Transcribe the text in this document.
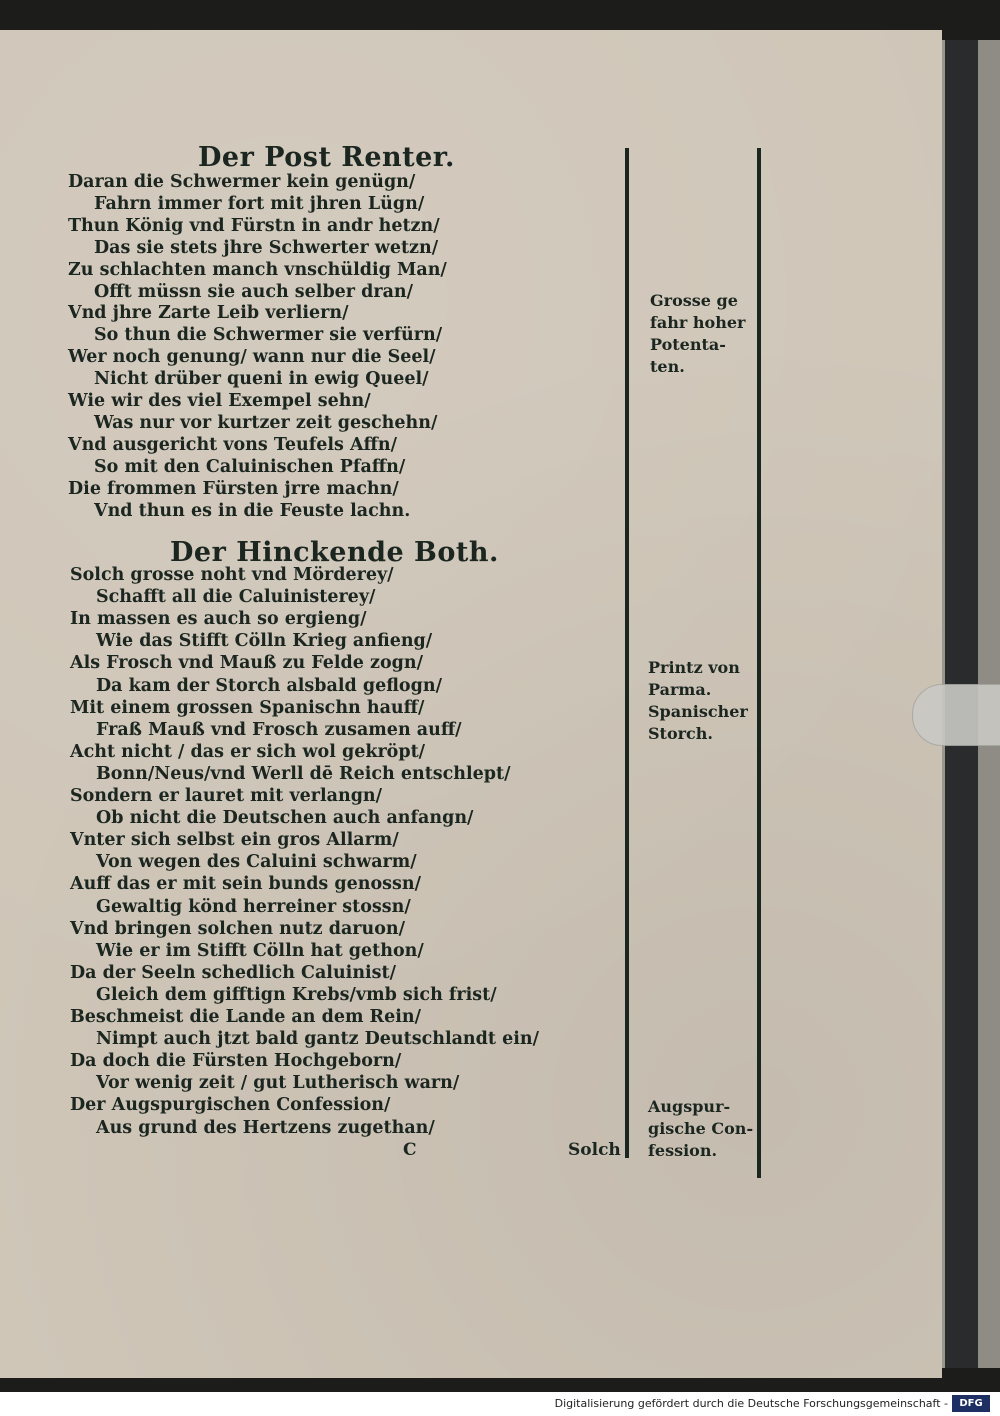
Der Post Renter.
Daran die Schwermer kein genügn/
Fahrn immer fort mit jhren Lügn/
Thun König vnd Fürstn in andr hetzn/
Das sie stets jhre Schwerter wetzn/
Zu schlachten manch vnschüldig Man/
Offt müssn sie auch selber dran/
Vnd jhre Zarte Leib verliern/
So thun die Schwermer sie verfürn/
Wer noch genung/ wann nur die Seel/
Nicht drüber queni in ewig Queel/
Wie wir des viel Exempel sehn/
Was nur vor kurtzer zeit geschehn/
Vnd ausgericht vons Teufels Affn/
So mit den Caluinischen Pfaffn/
Die frommen Fürsten jrre machn/
Vnd thun es in die Feuste lachn.
Der Hinckende Both.
Solch grosse noht vnd Mörderey/
Schafft all die Caluinisterey/
In massen es auch so ergieng/
Wie das Stifft Cölln Krieg anfieng/
Als Frosch vnd Mauß zu Felde zogn/
Da kam der Storch alsbald geflogn/
Mit einem grossen Spanischn hauff/
Fraß Mauß vnd Frosch zusamen auff/
Acht nicht / das er sich wol gekröpt/
Bonn/Neus/vnd Werll dē Reich entschlept/
Sondern er lauret mit verlangn/
Ob nicht die Deutschen auch anfangn/
Vnter sich selbst ein gros Allarm/
Von wegen des Caluini schwarm/
Auff das er mit sein bunds genossn/
Gewaltig könd herreiner stossn/
Vnd bringen solchen nutz daruon/
Wie er im Stifft Cölln hat gethon/
Da der Seeln schedlich Caluinist/
Gleich dem gifftign Krebs/vmb sich frist/
Beschmeist die Lande an dem Rein/
Nimpt auch jtzt bald gantz Deutschlandt ein/
Da doch die Fürsten Hochgeborn/
Vor wenig zeit / gut Lutherisch warn/
Der Augspurgischen Confession/
Aus grund des Hertzens zugethan/
C	Solch
Grosse ge
fahr hoher
Potenta-
ten.
Printz von
Parma.
Spanischer
Storch.
Augspur-
gische Con-
fession.
Digitalisierung gefördert durch die Deutsche Forschungsgemeinschaft -	DFG
